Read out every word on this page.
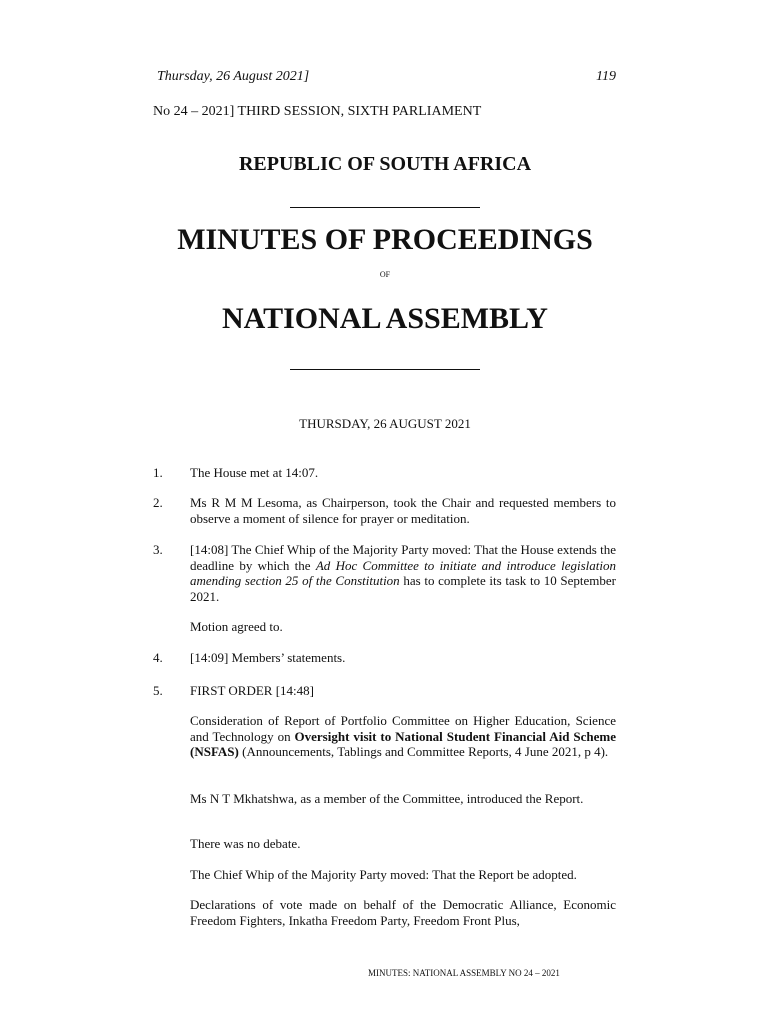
Thursday, 26 August 2021]	119
No 24 – 2021] THIRD SESSION, SIXTH PARLIAMENT
REPUBLIC OF SOUTH AFRICA
MINUTES OF PROCEEDINGS
OF
NATIONAL ASSEMBLY
THURSDAY, 26 AUGUST 2021
1. The House met at 14:07.
2. Ms R M M Lesoma, as Chairperson, took the Chair and requested members to observe a moment of silence for prayer or meditation.
3. [14:08] The Chief Whip of the Majority Party moved: That the House extends the deadline by which the Ad Hoc Committee to initiate and introduce legislation amending section 25 of the Constitution has to complete its task to 10 September 2021.
Motion agreed to.
4. [14:09] Members’ statements.
5. FIRST ORDER [14:48]
Consideration of Report of Portfolio Committee on Higher Education, Science and Technology on Oversight visit to National Student Financial Aid Scheme (NSFAS) (Announcements, Tablings and Committee Reports, 4 June 2021, p 4).
Ms N T Mkhatshwa, as a member of the Committee, introduced the Report.
There was no debate.
The Chief Whip of the Majority Party moved: That the Report be adopted.
Declarations of vote made on behalf of the Democratic Alliance, Economic Freedom Fighters, Inkatha Freedom Party, Freedom Front Plus,
MINUTES: NATIONAL ASSEMBLY NO 24 – 2021
